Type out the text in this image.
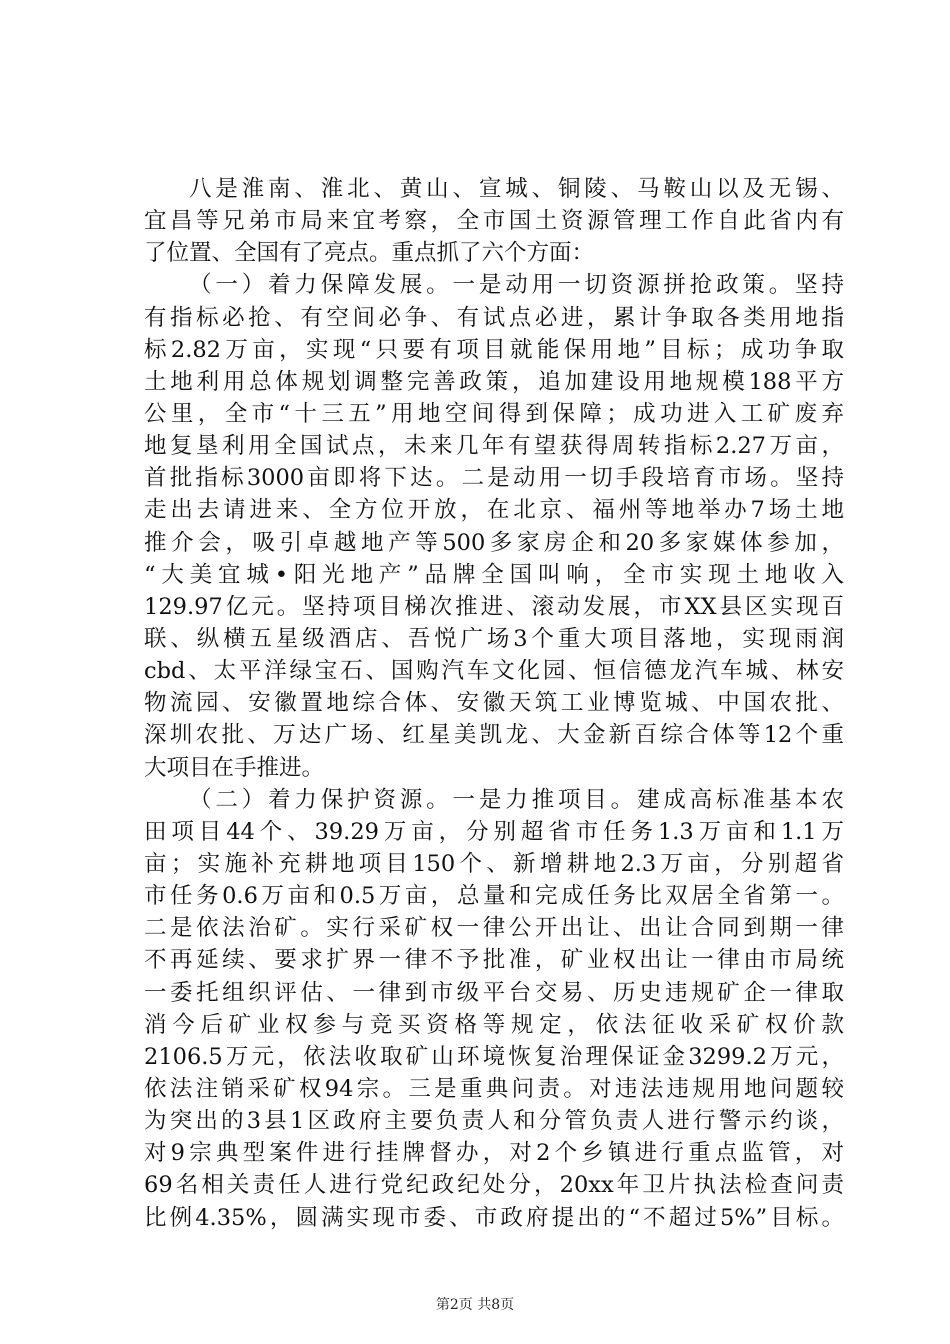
八是淮南、淮北、黄山、宣城、铜陵、马鞍山以及无锡、
宜昌等兄弟市局来宜考察，全市国土资源管理工作自此省内有
了位置、全国有了亮点。重点抓了六个方面：
（一）着力保障发展。一是动用一切资源拼抢政策。坚持
有指标必抢、有空间必争、有试点必进，累计争取各类用地指
标2.82万亩，实现“只要有项目就能保用地”目标；成功争取
土地利用总体规划调整完善政策，追加建设用地规模188平方
公里，全市“十三五”用地空间得到保障；成功进入工矿废弃
地复垦利用全国试点，未来几年有望获得周转指标2.27万亩，
首批指标3000亩即将下达。二是动用一切手段培育市场。坚持
走出去请进来、全方位开放，在北京、福州等地举办7场土地
推介会，吸引卓越地产等500多家房企和20多家媒体参加，
“大美宜城•阳光地产”品牌全国叫响，全市实现土地收入
129.97亿元。坚持项目梯次推进、滚动发展，市XX县区实现百
联、纵横五星级酒店、吾悦广场3个重大项目落地，实现雨润
cbd、太平洋绿宝石、国购汽车文化园、恒信德龙汽车城、林安
物流园、安徽置地综合体、安徽天筑工业博览城、中国农批、
深圳农批、万达广场、红星美凯龙、大金新百综合体等12个重
大项目在手推进。
（二）着力保护资源。一是力推项目。建成高标准基本农
田项目44个、39.29万亩，分别超省市任务1.3万亩和1.1万
亩；实施补充耕地项目150个、新增耕地2.3万亩，分别超省
市任务0.6万亩和0.5万亩，总量和完成任务比双居全省第一。
二是依法治矿。实行采矿权一律公开出让、出让合同到期一律
不再延续、要求扩界一律不予批准，矿业权出让一律由市局统
一委托组织评估、一律到市级平台交易、历史违规矿企一律取
消今后矿业权参与竞买资格等规定，依法征收采矿权价款
2106.5万元，依法收取矿山环境恢复治理保证金3299.2万元，
依法注销采矿权94宗。三是重典问责。对违法违规用地问题较
为突出的3县1区政府主要负责人和分管负责人进行警示约谈，
对9宗典型案件进行挂牌督办，对2个乡镇进行重点监管，对
69名相关责任人进行党纪政纪处分，20xx年卫片执法检查问责
比例4.35%，圆满实现市委、市政府提出的“不超过5%”目标。
第2页 共8页
